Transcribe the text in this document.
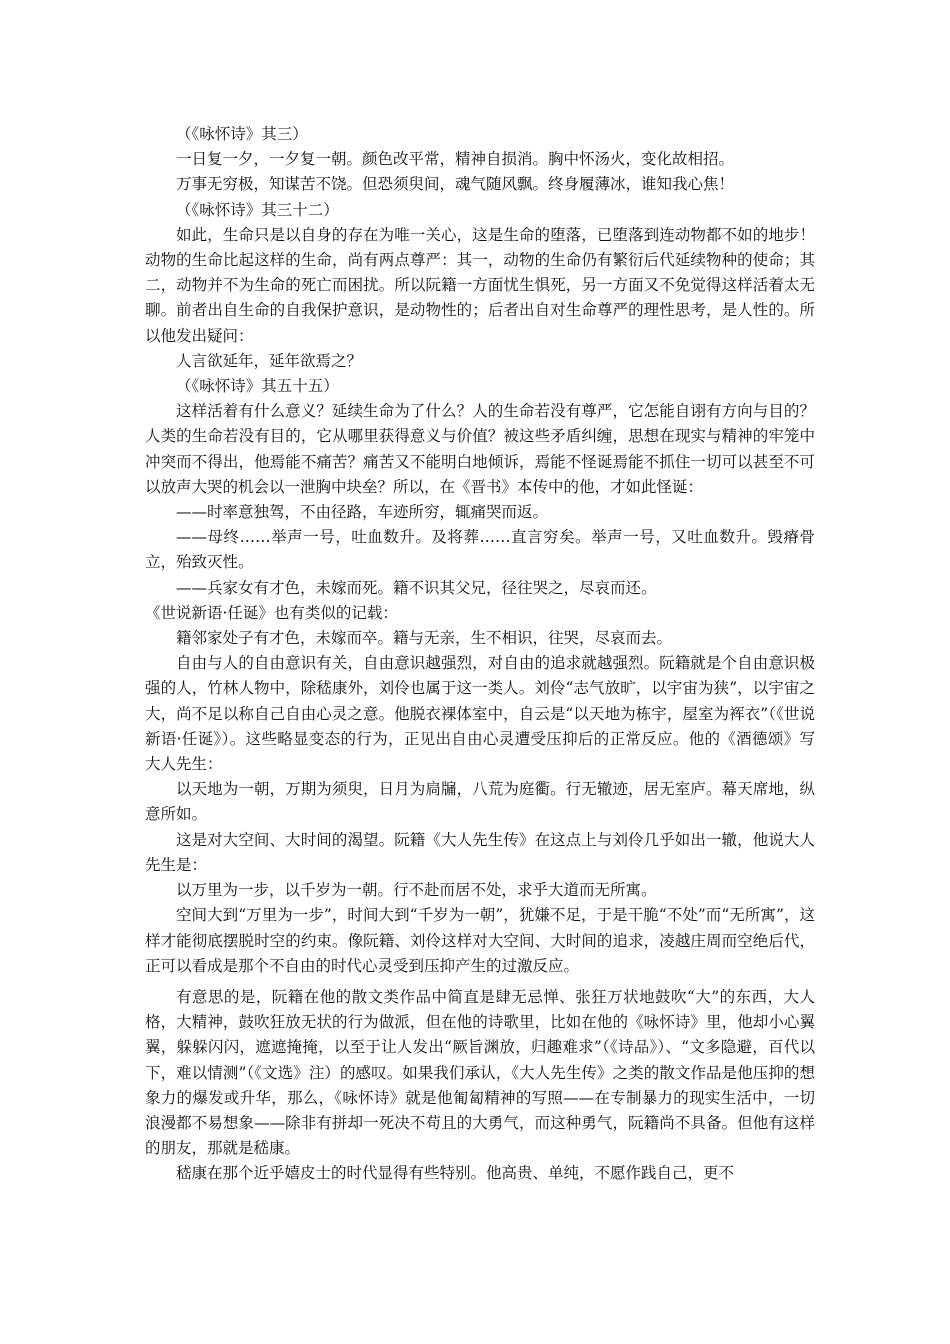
（《咏怀诗》其三）

一日复一夕，一夕复一朝。颜色改平常，精神自损消。胸中怀汤火，变化故相招。

万事无穷极，知谋苦不饶。但恐须臾间，魂气随风飘。终身履薄冰，谁知我心焦！

（《咏怀诗》其三十二）

如此，生命只是以自身的存在为唯一关心，这是生命的堕落，已堕落到连动物都不如的地步！动物的生命比起这样的生命，尚有两点尊严：其一，动物的生命仍有繁衍后代延续物种的使命；其二，动物并不为生命的死亡而困扰。所以阮籍一方面忧生惧死，另一方面又不免觉得这样活着太无聊。前者出自生命的自我保护意识，是动物性的；后者出自对生命尊严的理性思考，是人性的。所以他发出疑问：

人言欲延年，延年欲焉之？

（《咏怀诗》其五十五）

这样活着有什么意义？延续生命为了什么？人的生命若没有尊严，它怎能自诩有方向与目的？人类的生命若没有目的，它从哪里获得意义与价值？被这些矛盾纠缠，思想在现实与精神的牢笼中冲突而不得出，他焉能不痛苦？痛苦又不能明白地倾诉，焉能不怪诞焉能不抓住一切可以甚至不可以放声大哭的机会以一泄胸中块垒？所以，在《晋书》本传中的他，才如此怪诞：

——时率意独驾，不由径路，车迹所穷，辄痛哭而返。

——母终……举声一号，吐血数升。及将葬……直言穷矣。举声一号，又吐血数升。毁瘠骨立，殆致灭性。

——兵家女有才色，未嫁而死。籍不识其父兄，径往哭之，尽哀而还。

《世说新语·任诞》也有类似的记载：

籍邻家处子有才色，未嫁而卒。籍与无亲，生不相识，往哭，尽哀而去。

自由与人的自由意识有关，自由意识越强烈，对自由的追求就越强烈。阮籍就是个自由意识极强的人，竹林人物中，除嵇康外，刘伶也属于这一类人。刘伶“志气放旷，以宇宙为狭”，以宇宙之大，尚不足以称自己自由心灵之意。他脱衣裸体室中，自云是“以天地为栋宇，屋室为裈衣”（《世说新语·任诞》）。这些略显变态的行为，正见出自由心灵遭受压抑后的正常反应。他的《酒德颂》写大人先生：

以天地为一朝，万期为须臾，日月为扃牖，八荒为庭衢。行无辙迹，居无室庐。幕天席地，纵意所如。

这是对大空间、大时间的渴望。阮籍《大人先生传》在这点上与刘伶几乎如出一辙，他说大人先生是：

以万里为一步，以千岁为一朝。行不赴而居不处，求乎大道而无所寓。

空间大到“万里为一步”，时间大到“千岁为一朝”，犹嫌不足，于是干脆“不处”而“无所寓”，这样才能彻底摆脱时空的约束。像阮籍、刘伶这样对大空间、大时间的追求，凌越庄周而空绝后代，正可以看成是那个不自由的时代心灵受到压抑产生的过激反应。

有意思的是，阮籍在他的散文类作品中简直是肆无忌惮、张狂万状地鼓吹“大”的东西，大人格，大精神，鼓吹狂放无状的行为做派，但在他的诗歌里，比如在他的《咏怀诗》里，他却小心翼翼，躲躲闪闪，遮遮掩掩，以至于让人发出“厥旨渊放，归趣难求”（《诗品》）、“文多隐避，百代以下，难以情测”（《文选》注）的感叹。如果我们承认，《大人先生传》之类的散文作品是他压抑的想象力的爆发或升华，那么，《咏怀诗》就是他匍匐精神的写照——在专制暴力的现实生活中，一切浪漫都不易想象——除非有拼却一死决不苟且的大勇气，而这种勇气，阮籍尚不具备。但他有这样的朋友，那就是嵇康。

嵇康在那个近乎嬉皮士的时代显得有些特别。他高贵、单纯，不愿作践自己，更不
